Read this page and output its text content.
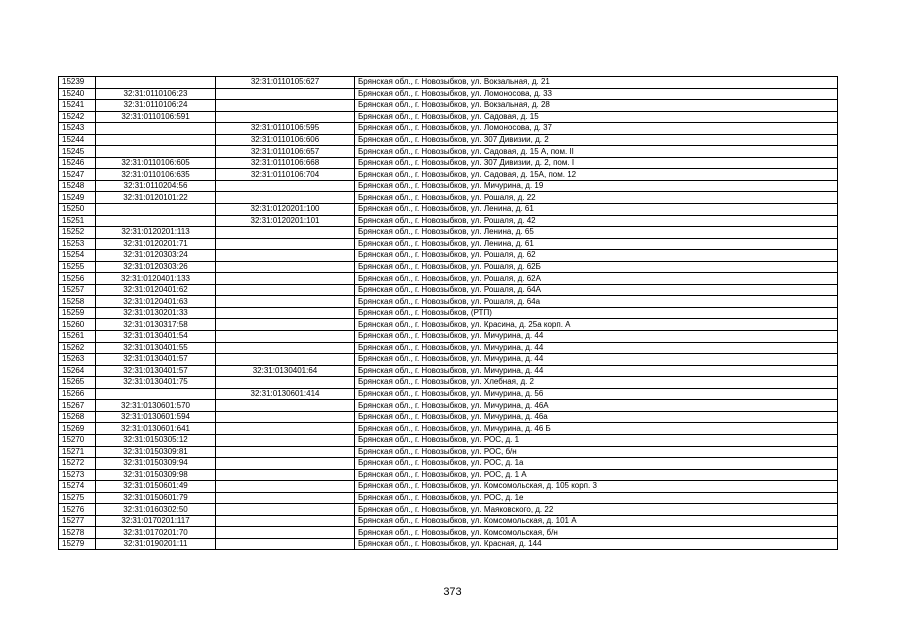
15239		32:31:0110105:627	Брянская обл., г. Новозыбков, ул. Вокзальная, д. 21
15240	32:31:0110106:23		Брянская обл., г. Новозыбков, ул. Ломоносова, д. 33
15241	32:31:0110106:24		Брянская обл., г. Новозыбков, ул. Вокзальная, д. 28
15242	32:31:0110106:591		Брянская обл., г. Новозыбков, ул. Садовая, д. 15
15243		32:31:0110106:595	Брянская обл., г. Новозыбков, ул. Ломоносова, д. 37
15244		32:31:0110106:606	Брянская обл., г. Новозыбков, ул. 307 Дивизии, д. 2
15245		32:31:0110106:657	Брянская обл., г. Новозыбков, ул. Садовая, д. 15 А, пом. II
15246	32:31:0110106:605	32:31:0110106:668	Брянская обл., г. Новозыбков, ул. 307 Дивизии, д. 2, пом. I
15247	32:31:0110106:635	32:31:0110106:704	Брянская обл., г. Новозыбков, ул. Садовая, д. 15А, пом. 12
15248	32:31:0110204:56		Брянская обл., г. Новозыбков, ул. Мичурина, д. 19
15249	32:31:0120101:22		Брянская обл., г. Новозыбков, ул. Рошаля, д. 22
15250		32:31:0120201:100	Брянская обл., г. Новозыбков, ул. Ленина, д. 61
15251		32:31:0120201:101	Брянская обл., г. Новозыбков, ул. Рошаля, д. 42
15252	32:31:0120201:113		Брянская обл., г. Новозыбков, ул. Ленина, д. 65
15253	32:31:0120201:71		Брянская обл., г. Новозыбков, ул. Ленина, д. 61
15254	32:31:0120303:24		Брянская обл., г. Новозыбков, ул. Рошаля, д. 62
15255	32:31:0120303:26		Брянская обл., г. Новозыбков, ул. Рошаля, д. 62Б
15256	32:31:0120401:133		Брянская обл., г. Новозыбков, ул. Рошаля, д. 62А
15257	32:31:0120401:62		Брянская обл., г. Новозыбков, ул. Рошаля, д. 64А
15258	32:31:0120401:63		Брянская обл., г. Новозыбков, ул. Рошаля, д. 64а
15259	32:31:0130201:33		Брянская обл., г. Новозыбков, (РТП)
15260	32:31:0130317:58		Брянская обл., г. Новозыбков, ул. Красина, д. 25а корп. А
15261	32:31:0130401:54		Брянская обл., г. Новозыбков, ул. Мичурина, д. 44
15262	32:31:0130401:55		Брянская обл., г. Новозыбков, ул. Мичурина, д. 44
15263	32:31:0130401:57		Брянская обл., г. Новозыбков, ул. Мичурина, д. 44
15264	32:31:0130401:57	32:31:0130401:64	Брянская обл., г. Новозыбков, ул. Мичурина, д. 44
15265	32:31:0130401:75		Брянская обл., г. Новозыбков, ул. Хлебная, д. 2
15266		32:31:0130601:414	Брянская обл., г. Новозыбков, ул. Мичурина, д. 56
15267	32:31:0130601:570		Брянская обл., г. Новозыбков, ул. Мичурина, д. 46А
15268	32:31:0130601:594		Брянская обл., г. Новозыбков, ул. Мичурина, д. 46а
15269	32:31:0130601:641		Брянская обл., г. Новозыбков, ул. Мичурина, д. 46 Б
15270	32:31:0150305:12		Брянская обл., г. Новозыбков, ул. РОС, д. 1
15271	32:31:0150309:81		Брянская обл., г. Новозыбков, ул. РОС, б/н
15272	32:31:0150309:94		Брянская обл., г. Новозыбков, ул. РОС, д. 1а
15273	32:31:0150309:98		Брянская обл., г. Новозыбков, ул. РОС, д. 1 А
15274	32:31:0150601:49		Брянская обл., г. Новозыбков, ул. Комсомольская, д. 105 корп. 3
15275	32:31:0150601:79		Брянская обл., г. Новозыбков, ул. РОС, д. 1е
15276	32:31:0160302:50		Брянская обл., г. Новозыбков, ул. Маяковского, д. 22
15277	32:31:0170201:117		Брянская обл., г. Новозыбков, ул. Комсомольская, д. 101 А
15278	32:31:0170201:70		Брянская обл., г. Новозыбков, ул. Комсомольская, б/н
15279	32:31:0190201:11		Брянская обл., г. Новозыбков, ул. Красная, д. 144
373
